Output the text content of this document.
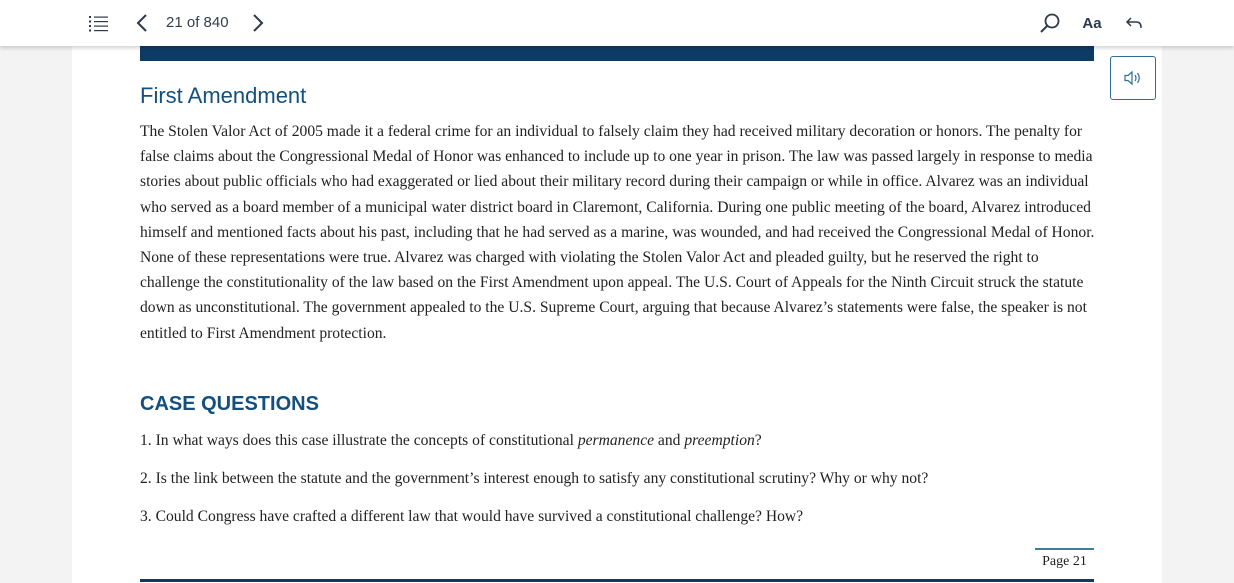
21 of 840	Aa
First Amendment

The Stolen Valor Act of 2005 made it a federal crime for an individual to falsely claim they had received military decoration or honors. The penalty for false claims about the Congressional Medal of Honor was enhanced to include up to one year in prison. The law was passed largely in response to media stories about public officials who had exaggerated or lied about their military record during their campaign or while in office. Alvarez was an individual who served as a board member of a municipal water district board in Claremont, California. During one public meeting of the board, Alvarez introduced himself and mentioned facts about his past, including that he had served as a marine, was wounded, and had received the Congressional Medal of Honor. None of these representations were true. Alvarez was charged with violating the Stolen Valor Act and pleaded guilty, but he reserved the right to challenge the constitutionality of the law based on the First Amendment upon appeal. The U.S. Court of Appeals for the Ninth Circuit struck the statute down as unconstitutional. The government appealed to the U.S. Supreme Court, arguing that because Alvarez’s statements were false, the speaker is not entitled to First Amendment protection.

CASE QUESTIONS

1. In what ways does this case illustrate the concepts of constitutional permanence and preemption?

2. Is the link between the statute and the government’s interest enough to satisfy any constitutional scrutiny? Why or why not?

3. Could Congress have crafted a different law that would have survived a constitutional challenge? How?

Page 21
